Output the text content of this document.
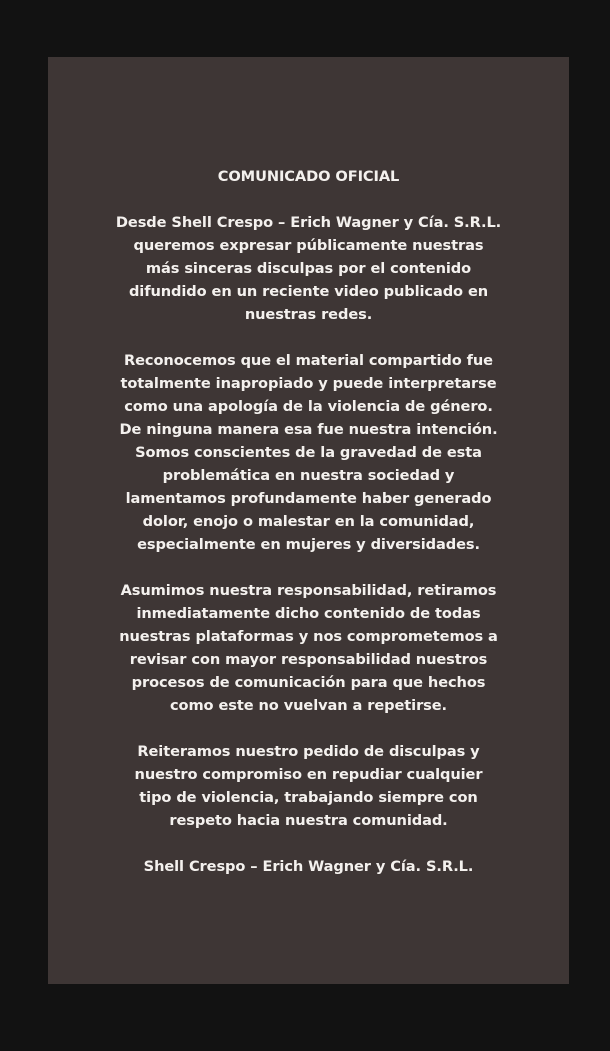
COMUNICADO OFICIAL

Desde Shell Crespo – Erich Wagner y Cía. S.R.L.
queremos expresar públicamente nuestras
más sinceras disculpas por el contenido
difundido en un reciente video publicado en
nuestras redes.

Reconocemos que el material compartido fue
totalmente inapropiado y puede interpretarse
como una apología de la violencia de género.
De ninguna manera esa fue nuestra intención.
Somos conscientes de la gravedad de esta
problemática en nuestra sociedad y
lamentamos profundamente haber generado
dolor, enojo o malestar en la comunidad,
especialmente en mujeres y diversidades.

Asumimos nuestra responsabilidad, retiramos
inmediatamente dicho contenido de todas
nuestras plataformas y nos comprometemos a
revisar con mayor responsabilidad nuestros
procesos de comunicación para que hechos
como este no vuelvan a repetirse.

Reiteramos nuestro pedido de disculpas y
nuestro compromiso en repudiar cualquier
tipo de violencia, trabajando siempre con
respeto hacia nuestra comunidad.

Shell Crespo – Erich Wagner y Cía. S.R.L.
